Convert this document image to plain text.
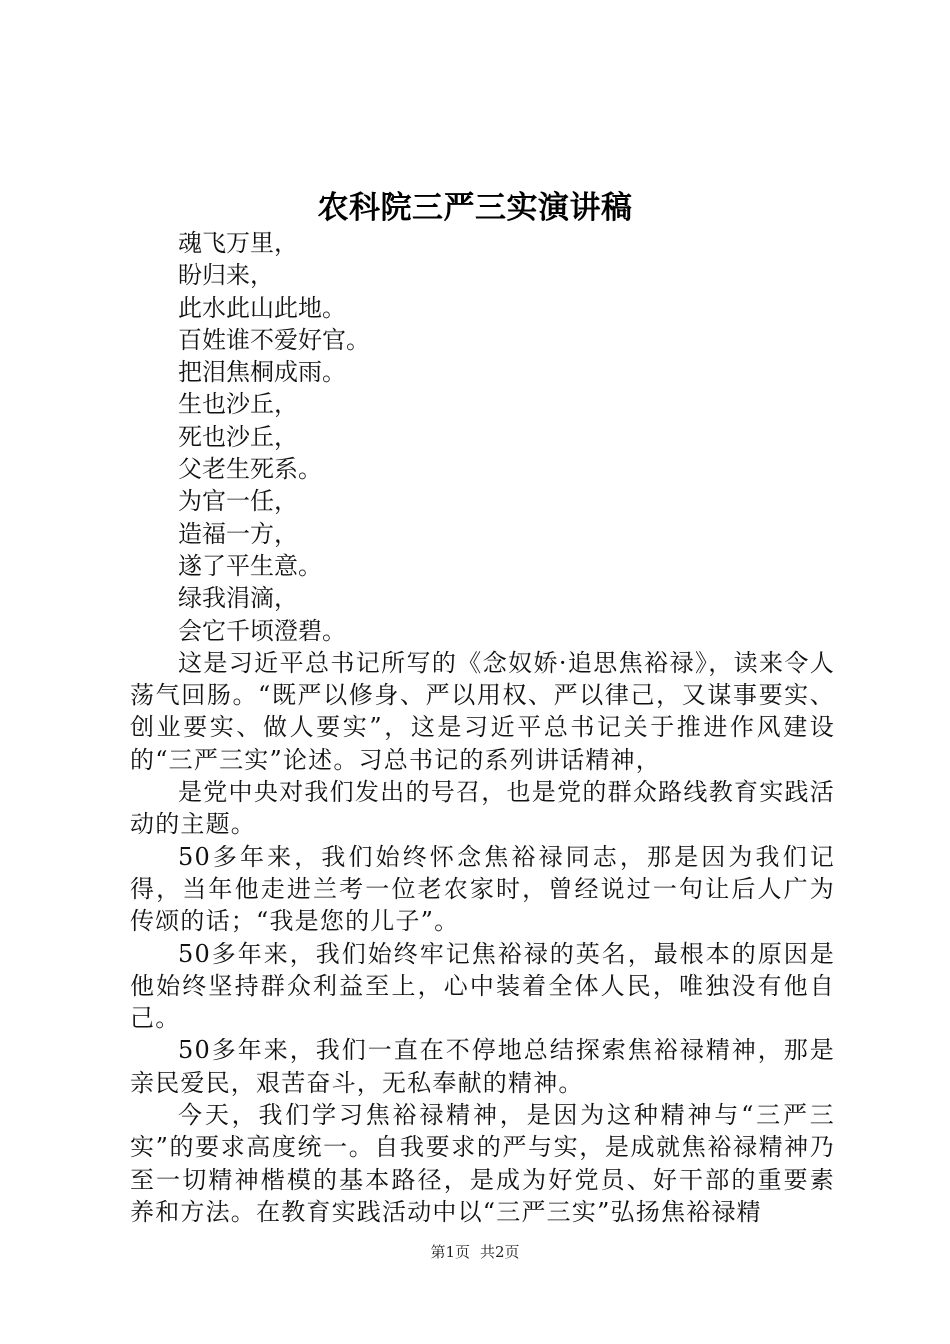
农科院三严三实演讲稿
魂飞万里，
盼归来，
此水此山此地。
百姓谁不爱好官。
把泪焦桐成雨。
生也沙丘，
死也沙丘，
父老生死系。
为官一任，
造福一方，
遂了平生意。
绿我涓滴，
会它千顷澄碧。

这是习近平总书记所写的《念奴娇·追思焦裕禄》，读来令人荡气回肠。“既严以修身、严以用权、严以律己，又谋事要实、创业要实、做人要实”，这是习近平总书记关于推进作风建设的“三严三实”论述。习总书记的系列讲话精神，

是党中央对我们发出的号召，也是党的群众路线教育实践活动的主题。

50多年来，我们始终怀念焦裕禄同志，那是因为我们记得，当年他走进兰考一位老农家时，曾经说过一句让后人广为传颂的话；“我是您的儿子”。

50多年来，我们始终牢记焦裕禄的英名，最根本的原因是他始终坚持群众利益至上，心中装着全体人民，唯独没有他自己。

50多年来，我们一直在不停地总结探索焦裕禄精神，那是亲民爱民，艰苦奋斗，无私奉献的精神。

今天，我们学习焦裕禄精神，是因为这种精神与“三严三实”的要求高度统一。自我要求的严与实，是成就焦裕禄精神乃至一切精神楷模的基本路径，是成为好党员、好干部的重要素养和方法。在教育实践活动中以“三严三实”弘扬焦裕禄精

第1页 共2页
